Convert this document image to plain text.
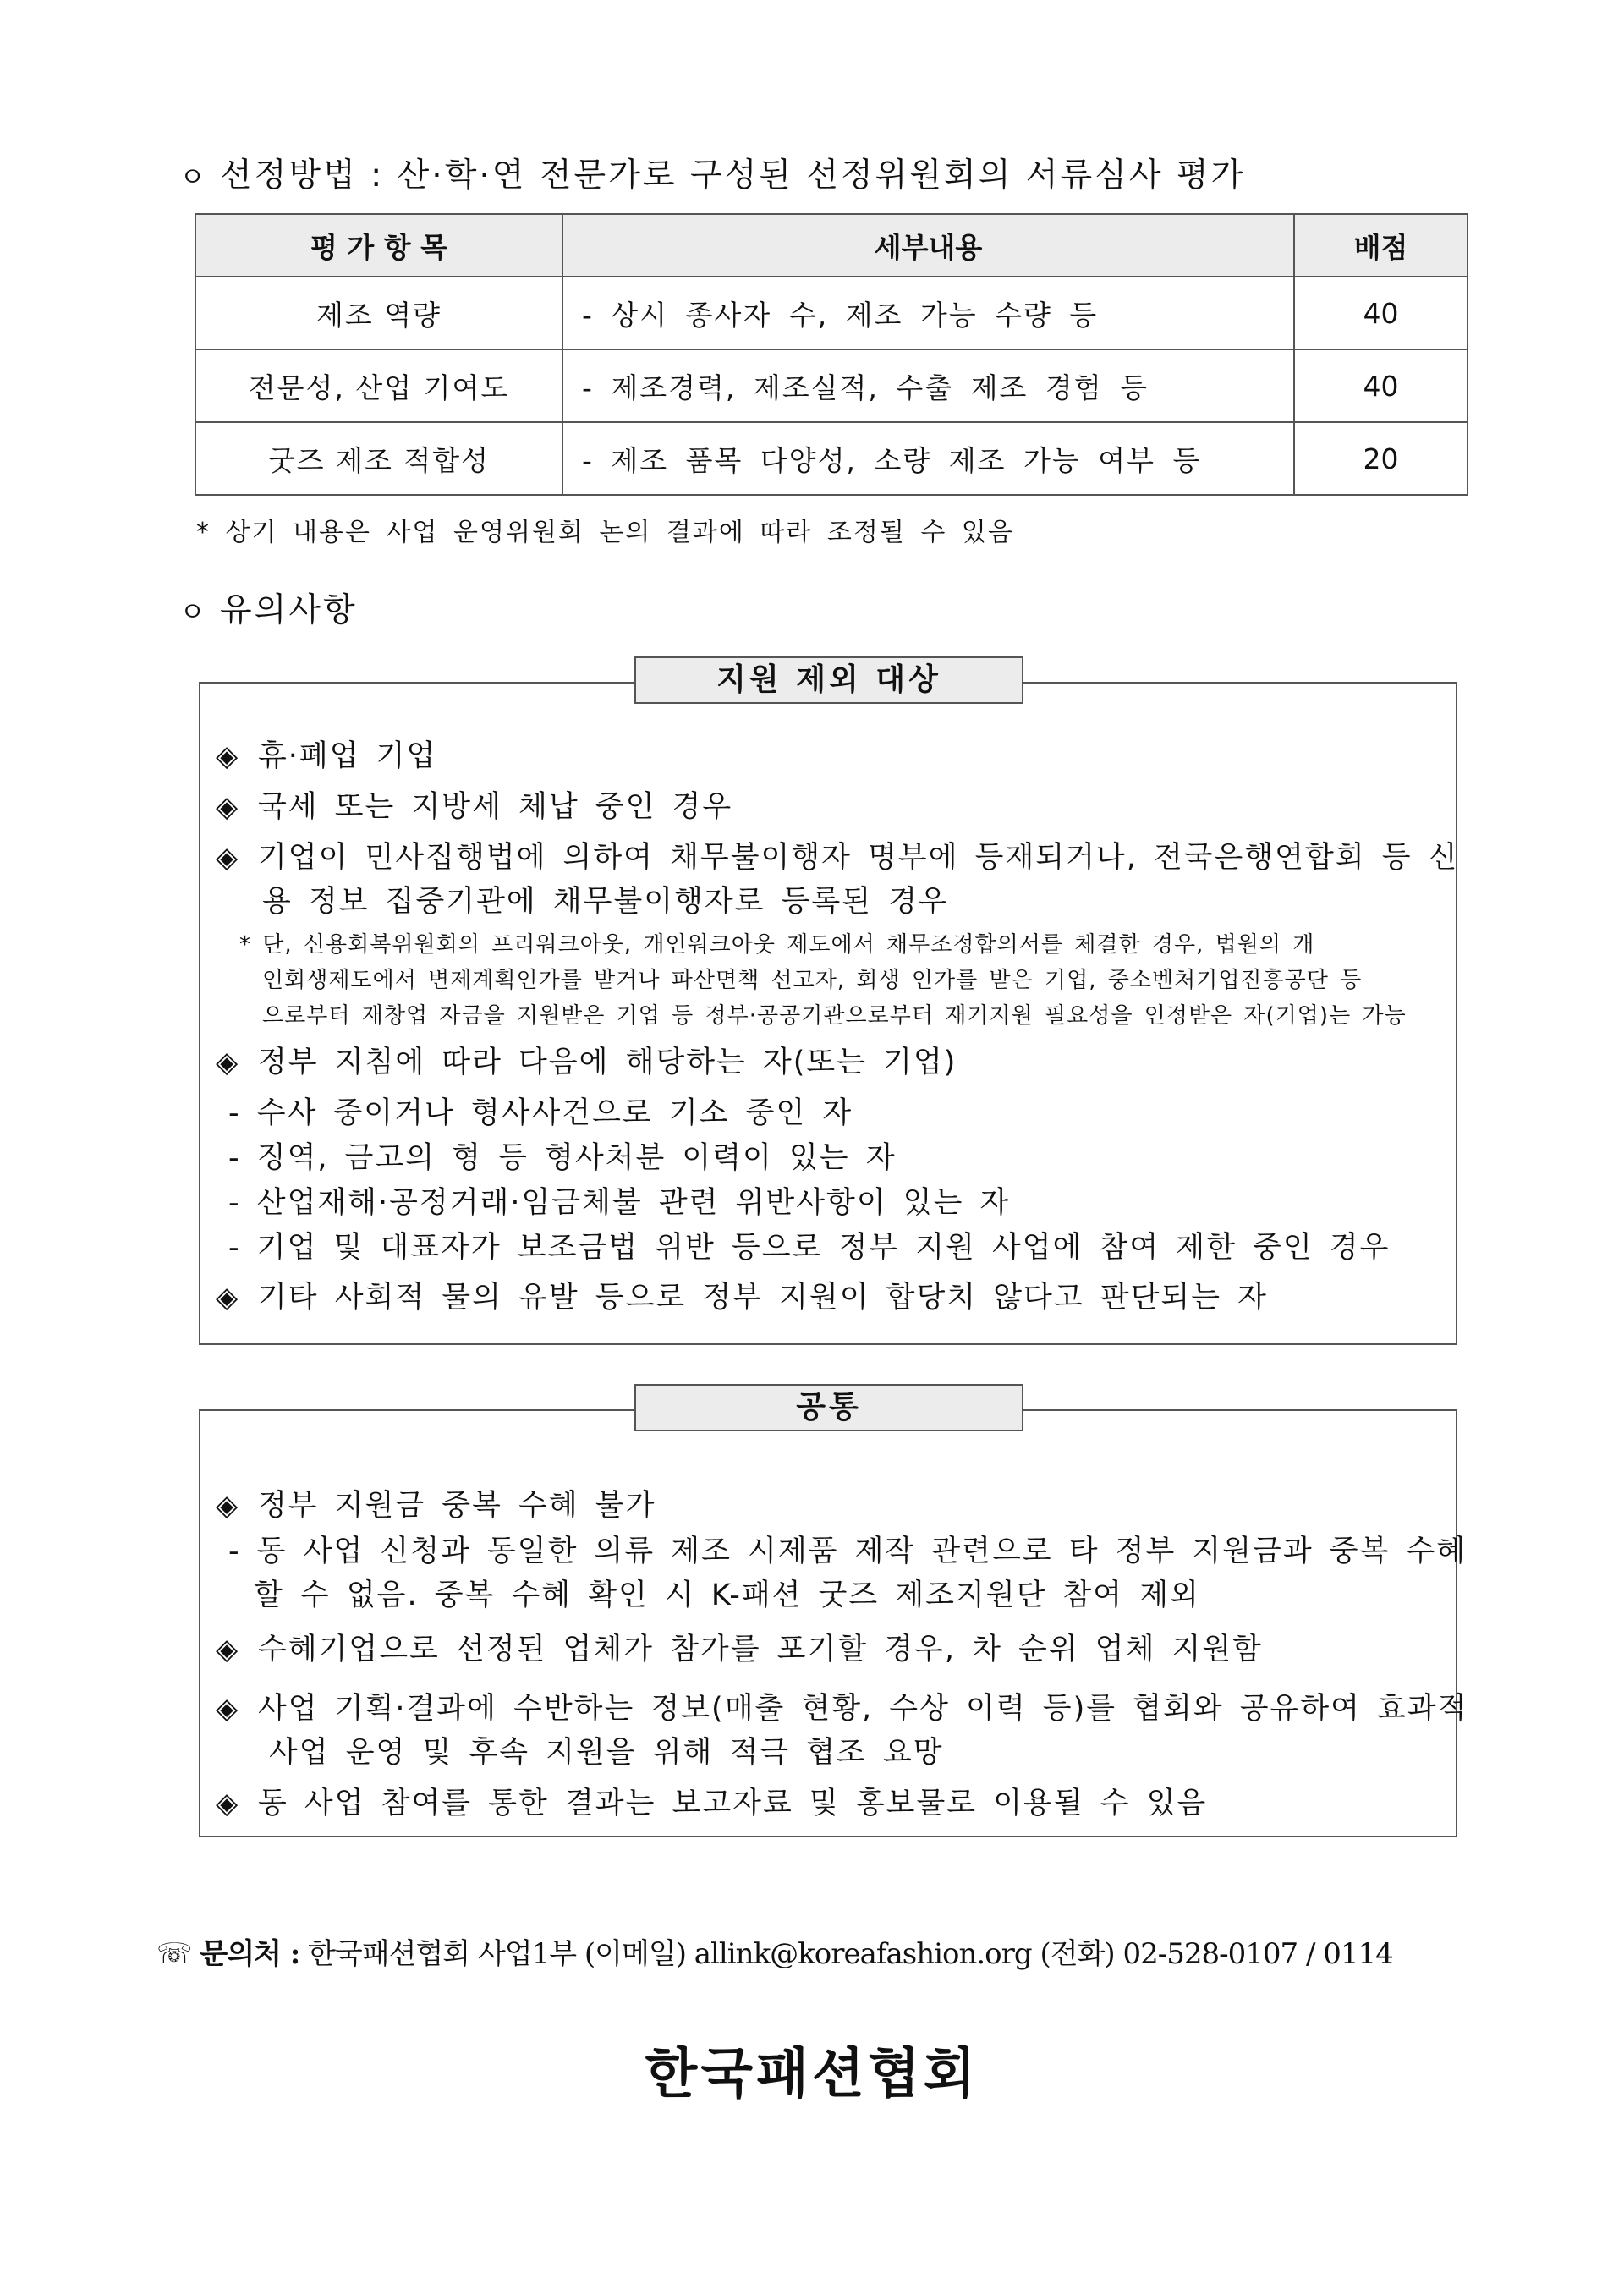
ㅇ 선정방법 : 산·학·연 전문가로 구성된 선정위원회의 서류심사 평가
평 가 항 목	세부내용	배점
제조 역량	- 상시 종사자 수, 제조 가능 수량 등	40
전문성, 산업 기여도	- 제조경력, 제조실적, 수출 제조 경험 등	40
굿즈 제조 적합성	- 제조 품목 다양성, 소량 제조 가능 여부 등	20
* 상기 내용은 사업 운영위원회 논의 결과에 따라 조정될 수 있음
ㅇ 유의사항
지원 제외 대상
◈ 휴·폐업 기업
◈ 국세 또는 지방세 체납 중인 경우
◈ 기업이 민사집행법에 의하여 채무불이행자 명부에 등재되거나, 전국은행연합회 등 신
용 정보 집중기관에 채무불이행자로 등록된 경우
* 단, 신용회복위원회의 프리워크아웃, 개인워크아웃 제도에서 채무조정합의서를 체결한 경우, 법원의 개
인회생제도에서 변제계획인가를 받거나 파산면책 선고자, 회생 인가를 받은 기업, 중소벤처기업진흥공단 등
으로부터 재창업 자금을 지원받은 기업 등 정부·공공기관으로부터 재기지원 필요성을 인정받은 자(기업)는 가능
◈ 정부 지침에 따라 다음에 해당하는 자(또는 기업)
- 수사 중이거나 형사사건으로 기소 중인 자
- 징역, 금고의 형 등 형사처분 이력이 있는 자
- 산업재해·공정거래·임금체불 관련 위반사항이 있는 자
- 기업 및 대표자가 보조금법 위반 등으로 정부 지원 사업에 참여 제한 중인 경우
◈ 기타 사회적 물의 유발 등으로 정부 지원이 합당치 않다고 판단되는 자
공통
◈ 정부 지원금 중복 수혜 불가
- 동 사업 신청과 동일한 의류 제조 시제품 제작 관련으로 타 정부 지원금과 중복 수혜
할 수 없음. 중복 수혜 확인 시 K-패션 굿즈 제조지원단 참여 제외
◈ 수혜기업으로 선정된 업체가 참가를 포기할 경우, 차 순위 업체 지원함
◈ 사업 기획·결과에 수반하는 정보(매출 현황, 수상 이력 등)를 협회와 공유하여 효과적
사업 운영 및 후속 지원을 위해 적극 협조 요망
◈ 동 사업 참여를 통한 결과는 보고자료 및 홍보물로 이용될 수 있음
☏ 문의처 : 한국패션협회 사업1부 (이메일) allink@koreafashion.org (전화) 02-528-0107 / 0114
한국패션협회
